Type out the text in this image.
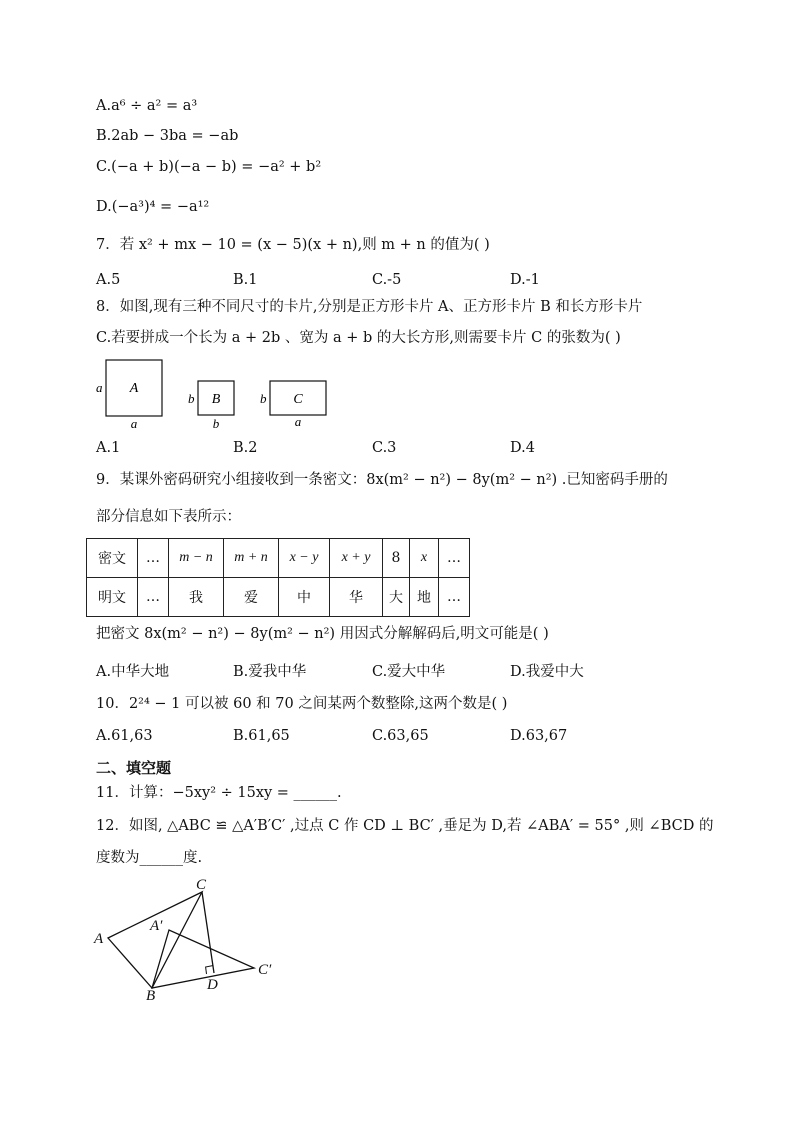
A.a⁶ ÷ a² = a³
B.2ab − 3ba = −ab
C.(−a + b)(−a − b) = −a² + b²
D.(−a³)⁴ = −a¹²
7．若 x² + mx − 10 = (x − 5)(x + n),则 m + n 的值为( )
A.5	B.1	C.-5	D.-1
8．如图,现有三种不同尺寸的卡片,分别是正方形卡片 A、正方形卡片 B 和长方形卡片
C.若要拼成一个长为 a + 2b 、宽为 a + b 的大长方形,则需要卡片 C 的张数为( )
A
a
a
B
b
b
C
b
a
A.1	B.2	C.3	D.4
9．某课外密码研究小组接收到一条密文：8x(m² − n²) − 8y(m² − n²) .已知密码手册的
部分信息如下表所示：
密文	…	m − n	m + n	x − y	x + y	8	x	…
明文	…	我	爱	中	华	大	地	…
把密文 8x(m² − n²) − 8y(m² − n²) 用因式分解解码后,明文可能是( )
A.中华大地	B.爱我中华	C.爱大中华	D.我爱中大
10．2²⁴ − 1 可以被 60 和 70 之间某两个数整除,这两个数是( )
A.61,63	B.61,65	C.63,65	D.63,67
二、填空题
11．计算：−5xy² ÷ 15xy = ______.
12．如图, △ABC ≌ △A′B′C′ ,过点 C 作 CD ⊥ BC′ ,垂足为 D,若 ∠ABA′ = 55° ,则 ∠BCD 的
度数为______度.
A
A′
C
B
D
C′
